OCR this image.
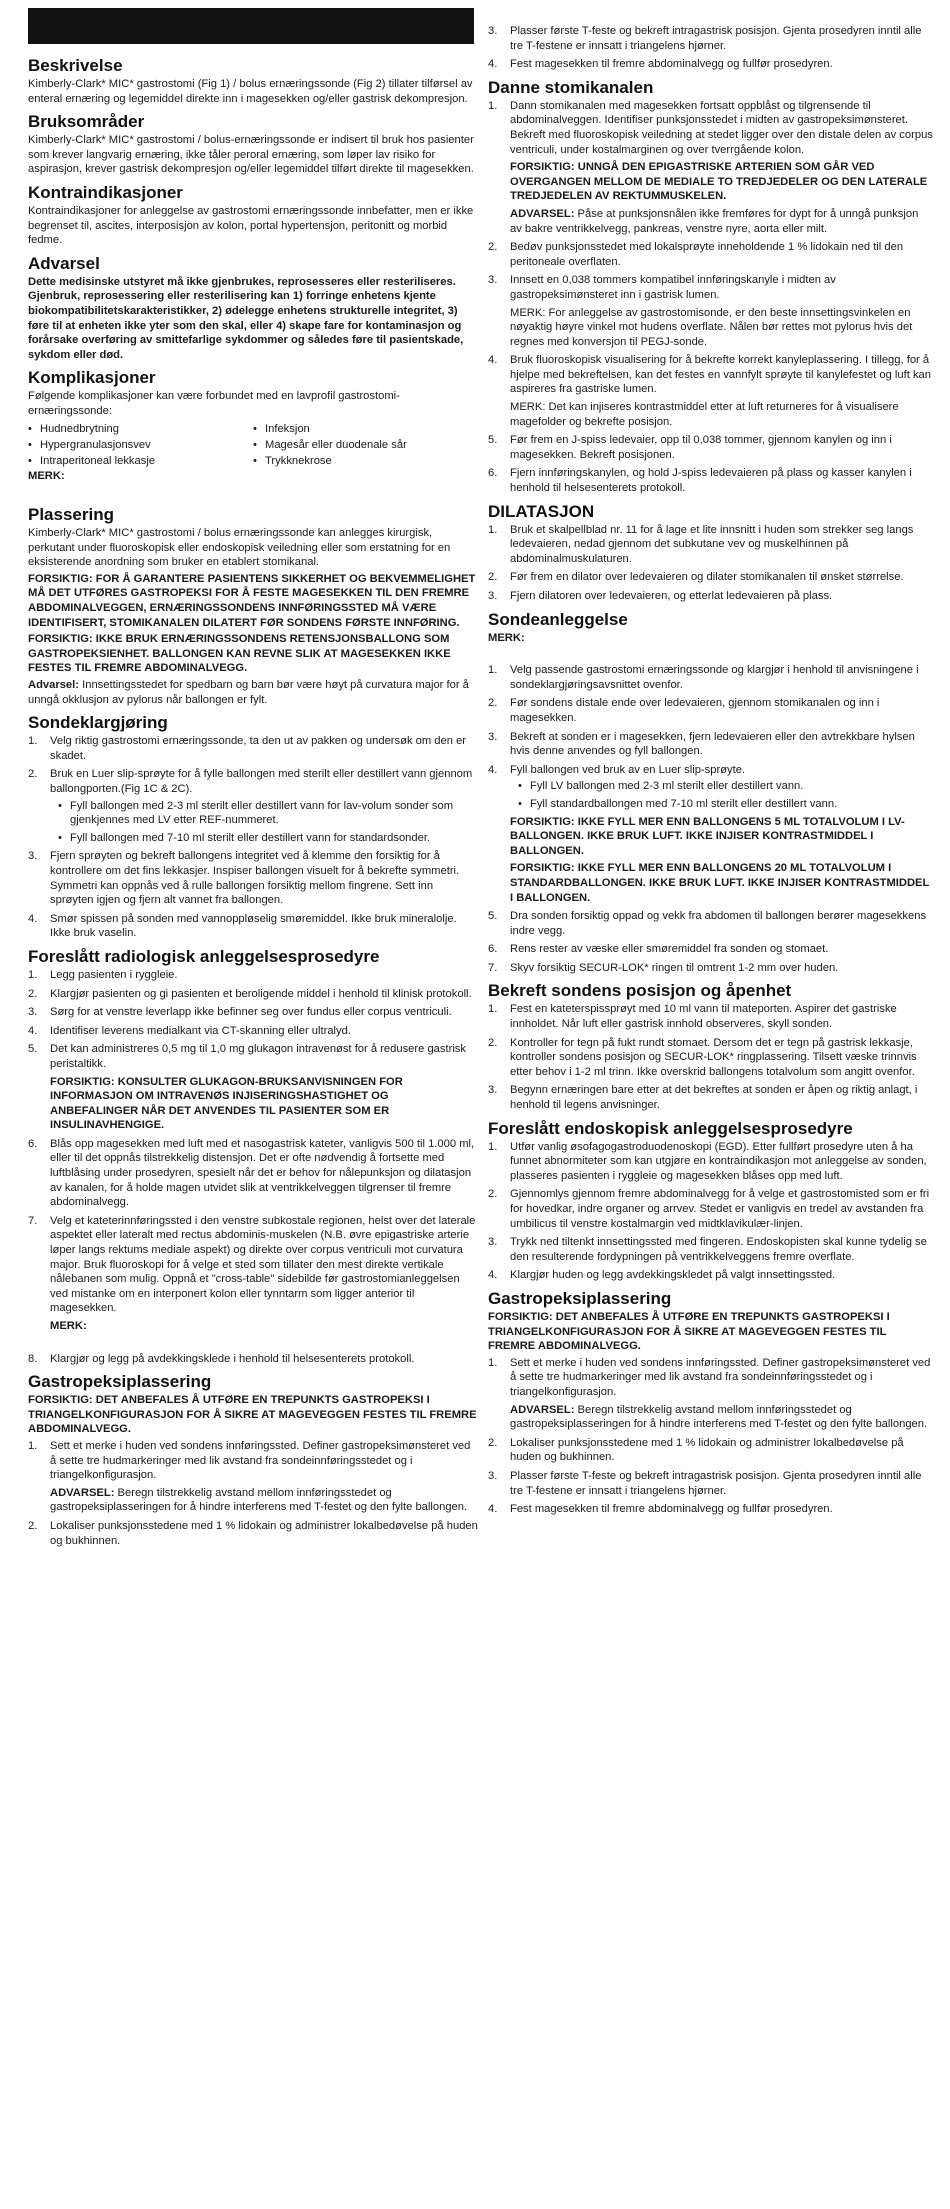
Beskrivelse

Kimberly-Clark* MIC* gastrostomi (Fig 1) / bolus ernæringssonde (Fig 2) tillater tilførsel av enteral ernæring og legemiddel direkte inn i magesekken og/eller gastrisk dekompresjon.

Bruksområder

Kimberly-Clark* MIC* gastrostomi / bolus-ernæringssonde er indisert til bruk hos pasienter som krever langvarig ernæring, ikke tåler peroral ernæring, som løper lav risiko for aspirasjon, krever gastrisk dekompresjon og/eller legemiddel tilført direkte til magesekken.

Kontraindikasjoner

Kontraindikasjoner for anleggelse av gastrostomi ernæringssonde innbefatter, men er ikke begrenset til, ascites, interposisjon av kolon, portal hypertensjon, peritonitt og morbid fedme.

Advarsel

Dette medisinske utstyret må ikke gjenbrukes, reprosesseres eller resteriliseres. Gjenbruk, reprosessering eller resterilisering kan 1) forringe enhetens kjente biokompatibilitetskarakteristikker, 2) ødelegge enhetens strukturelle integritet, 3) føre til at enheten ikke yter som den skal, eller 4) skape fare for kontaminasjon og forårsake overføring av smittefarlige sykdommer og således føre til pasientskade, sykdom eller død.

Komplikasjoner

Følgende komplikasjoner kan være forbundet med en lavprofil gastrostomi-ernæringssonde:

• Hudnedbrytning	• Infeksjon
• Hypergranulasjonsvev	• Magesår eller duodenale sår
• Intraperitoneal lekkasje	• Trykknekrose

MERK:

Plassering

Kimberly-Clark* MIC* gastrostomi / bolus ernæringssonde kan anlegges kirurgisk, perkutant under fluoroskopisk eller endoskopisk veiledning eller som erstatning for en eksisterende anordning som bruker en etablert stomikanal.

FORSIKTIG: FOR Å GARANTERE PASIENTENS SIKKERHET OG BEKVEMMELIGHET MÅ DET UTFØRES GASTROPEKSI FOR Å FESTE MAGESEKKEN TIL DEN FREMRE ABDOMINALVEGGEN, ERNÆRINGSSONDENS INNFØRINGSSTED MÅ VÆRE IDENTIFISERT, STOMIKANALEN DILATERT FØR SONDENS FØRSTE INNFØRING.

FORSIKTIG: IKKE BRUK ERNÆRINGSSONDENS RETENSJONSBALLONG SOM GASTROPEKSIENHET. BALLONGEN KAN REVNE SLIK AT MAGESEKKEN IKKE FESTES TIL FREMRE ABDOMINALVEGG.

Advarsel: Innsettingsstedet for spedbarn og barn bør være høyt på curvatura major for å unngå okklusjon av pylorus når ballongen er fylt.

Sondeklargjøring
1. Velg riktig gastrostomi ernæringssonde, ta den ut av pakken og undersøk om den er skadet.
2. Bruk en Luer slip-sprøyte for å fylle ballongen med sterilt eller destillert vann gjennom ballongporten.(Fig 1C & 2C).
• Fyll ballongen med 2-3 ml sterilt eller destillert vann for lav-volum sonder som gjenkjennes med LV etter REF-nummeret.
• Fyll ballongen med 7-10 ml sterilt eller destillert vann for standardsonder.
3. Fjern sprøyten og bekreft ballongens integritet ved å klemme den forsiktig for å kontrollere om det fins lekkasjer. Inspiser ballongen visuelt for å bekrefte symmetri. Symmetri kan oppnås ved å rulle ballongen forsiktig mellom fingrene. Sett inn sprøyten igjen og fjern alt vannet fra ballongen.
4. Smør spissen på sonden med vannoppløselig smøremiddel. Ikke bruk mineralolje. Ikke bruk vaselin.
Foreslått radiologisk anleggelsesprosedyre
1. Legg pasienten i ryggleie.
2. Klargjør pasienten og gi pasienten et beroligende middel i henhold til klinisk protokoll.
3. Sørg for at venstre leverlapp ikke befinner seg over fundus eller corpus ventriculi.
4. Identifiser leverens medialkant via CT-skanning eller ultralyd.
5. Det kan administreres 0,5 mg til 1,0 mg glukagon intravenøst for å redusere gastrisk peristaltikk.
FORSIKTIG: KONSULTER GLUKAGON-BRUKSANVISNINGEN FOR INFORMASJON OM INTRAVENØS INJISERINGSHASTIGHET OG ANBEFALINGER NÅR DET ANVENDES TIL PASIENTER SOM ER INSULINAVHENGIGE.
6. Blås opp magesekken med luft med et nasogastrisk kateter, vanligvis 500 til 1.000 ml, eller til det oppnås tilstrekkelig distensjon. Det er ofte nødvendig å fortsette med luftblåsing under prosedyren, spesielt når det er behov for nålepunksjon og dilatasjon av kanalen, for å holde magen utvidet slik at ventrikkelveggen tilgrenser til fremre abdominalvegg.
7. Velg et kateterinnføringssted i den venstre subkostale regionen, helst over det laterale aspektet eller lateralt med rectus abdominis-muskelen (N.B. øvre epigastriske arterie løper langs rektums mediale aspekt) og direkte over corpus ventriculi mot curvatura major. Bruk fluoroskopi for å velge et sted som tillater den mest direkte vertikale nålebanen som mulig. Oppnå et "cross-table" sidebilde før gastrostomianleggelsen ved mistanke om en interponert kolon eller tynntarm som ligger anterior til magesekken.
MERK:
8. Klargjør og legg på avdekkingsklede i henhold til helsesenterets protokoll.
Gastropeksiplassering

FORSIKTIG: DET ANBEFALES Å UTFØRE EN TREPUNKTS GASTROPEKSI I TRIANGELKONFIGURASJON FOR Å SIKRE AT MAGEVEGGEN FESTES TIL FREMRE ABDOMINALVEGG.

1. Sett et merke i huden ved sondens innføringssted. Definer gastropeksimønsteret ved å sette tre hudmarkeringer med lik avstand fra sondeinnføringsstedet og i triangelkonfigurasjon.
ADVARSEL: Beregn tilstrekkelig avstand mellom innføringsstedet og gastropeksiplasseringen for å hindre interferens med T-festet og den fylte ballongen.
2. Lokaliser punksjonsstedene med 1 % lidokain og administrer lokalbedøvelse på huden og bukhinnen.
3. Plasser første T-feste og bekreft intragastrisk posisjon. Gjenta prosedyren inntil alle tre T-festene er innsatt i triangelens hjørner.
4. Fest magesekken til fremre abdominalvegg og fullfør prosedyren.
Danne stomikanalen
1. Dann stomikanalen med magesekken fortsatt oppblåst og tilgrensende til abdominalveggen. Identifiser punksjonsstedet i midten av gastropeksimønsteret. Bekreft med fluoroskopisk veiledning at stedet ligger over den distale delen av corpus ventriculi, under kostalmarginen og over tverrgående kolon.
FORSIKTIG: UNNGÅ DEN EPIGASTRISKE ARTERIEN SOM GÅR VED OVERGANGEN MELLOM DE MEDIALE TO TREDJEDELER OG DEN LATERALE TREDJEDELEN AV REKTUMMUSKELEN.
ADVARSEL: Påse at punksjonsnålen ikke fremføres for dypt for å unngå punksjon av bakre ventrikkelvegg, pankreas, venstre nyre, aorta eller milt.
2. Bedøv punksjonsstedet med lokalsprøyte inneholdende 1 % lidokain ned til den peritoneale overflaten.
3. Innsett en 0,038 tommers kompatibel innføringskanyle i midten av gastropeksimønsteret inn i gastrisk lumen.
MERK: For anleggelse av gastrostomisonde, er den beste innsettingsvinkelen en nøyaktig høyre vinkel mot hudens overflate. Nålen bør rettes mot pylorus hvis det regnes med konversjon til PEGJ-sonde.
4. Bruk fluoroskopisk visualisering for å bekrefte korrekt kanyleplassering. I tillegg, for å hjelpe med bekreftelsen, kan det festes en vannfylt sprøyte til kanylefestet og luft kan aspireres fra gastriske lumen.
MERK: Det kan injiseres kontrastmiddel etter at luft returneres for å visualisere magefolder og bekrefte posisjon.
5. Før frem en J-spiss ledevaier, opp til 0,038 tommer, gjennom kanylen og inn i magesekken. Bekreft posisjonen.
6. Fjern innføringskanylen, og hold J-spiss ledevaieren på plass og kasser kanylen i henhold til helsesenterets protokoll.
DILATASJON
1. Bruk et skalpellblad nr. 11 for å lage et lite innsnitt i huden som strekker seg langs ledevaieren, nedad gjennom det subkutane vev og muskelhinnen på abdominalmuskulaturen.
2. Før frem en dilator over ledevaieren og dilater stomikanalen til ønsket størrelse.
3. Fjern dilatoren over ledevaieren, og etterlat ledevaieren på plass.
Sondeanleggelse

MERK:

1. Velg passende gastrostomi ernæringssonde og klargjør i henhold til anvisningene i sondeklargjøringsavsnittet ovenfor.
2. Før sondens distale ende over ledevaieren, gjennom stomikanalen og inn i magesekken.
3. Bekreft at sonden er i magesekken, fjern ledevaieren eller den avtrekkbare hylsen hvis denne anvendes og fyll ballongen.
4. Fyll ballongen ved bruk av en Luer slip-sprøyte.
• Fyll LV ballongen med 2-3 ml sterilt eller destillert vann.
• Fyll standardballongen med 7-10 ml sterilt eller destillert vann.
FORSIKTIG: IKKE FYLL MER ENN BALLONGENS 5 ML TOTALVOLUM I LV-BALLONGEN. IKKE BRUK LUFT. IKKE INJISER KONTRASTMIDDEL I BALLONGEN.
FORSIKTIG: IKKE FYLL MER ENN BALLONGENS 20 ML TOTALVOLUM I STANDARDBALLONGEN. IKKE BRUK LUFT. IKKE INJISER KONTRASTMIDDEL I BALLONGEN.
5. Dra sonden forsiktig oppad og vekk fra abdomen til ballongen berører magesekkens indre vegg.
6. Rens rester av væske eller smøremiddel fra sonden og stomaet.
7. Skyv forsiktig SECUR-LOK* ringen til omtrent 1-2 mm over huden.
Bekreft sondens posisjon og åpenhet
1. Fest en kateterspissprøyt med 10 ml vann til mateporten. Aspirer det gastriske innholdet. Når luft eller gastrisk innhold observeres, skyll sonden.
2. Kontroller for tegn på fukt rundt stomaet. Dersom det er tegn på gastrisk lekkasje, kontroller sondens posisjon og SECUR-LOK* ringplassering. Tilsett væske trinnvis etter behov i 1-2 ml trinn. Ikke overskrid ballongens totalvolum som angitt ovenfor.
3. Begynn ernæringen bare etter at det bekreftes at sonden er åpen og riktig anlagt, i henhold til legens anvisninger.
Foreslått endoskopisk anleggelsesprosedyre
1. Utfør vanlig øsofagogastroduodenoskopi (EGD). Etter fullført prosedyre uten å ha funnet abnormiteter som kan utgjøre en kontraindikasjon mot anleggelse av sonden, plasseres pasienten i ryggleie og magesekken blåses opp med luft.
2. Gjennomlys gjennom fremre abdominalvegg for å velge et gastrostomisted som er fri for hovedkar, indre organer og arrvev. Stedet er vanligvis en tredel av avstanden fra umbilicus til venstre kostalmargin ved midtklavikulær-linjen.
3. Trykk ned tiltenkt innsettingssted med fingeren. Endoskopisten skal kunne tydelig se den resulterende fordypningen på ventrikkelveggens fremre overflate.
4. Klargjør huden og legg avdekkingskledet på valgt innsettingssted.
Gastropeksiplassering

FORSIKTIG: DET ANBEFALES Å UTFØRE EN TREPUNKTS GASTROPEKSI I TRIANGELKONFIGURASJON FOR Å SIKRE AT MAGEVEGGEN FESTES TIL FREMRE ABDOMINALVEGG.

1. Sett et merke i huden ved sondens innføringssted. Definer gastropeksimønsteret ved å sette tre hudmarkeringer med lik avstand fra sondeinnføringsstedet og i triangelkonfigurasjon.
ADVARSEL: Beregn tilstrekkelig avstand mellom innføringsstedet og gastropeksiplasseringen for å hindre interferens med T-festet og den fylte ballongen.
2. Lokaliser punksjonsstedene med 1 % lidokain og administrer lokalbedøvelse på huden og bukhinnen.
3. Plasser første T-feste og bekreft intragastrisk posisjon. Gjenta prosedyren inntil alle tre T-festene er innsatt i triangelens hjørner.
4. Fest magesekken til fremre abdominalvegg og fullfør prosedyren.
